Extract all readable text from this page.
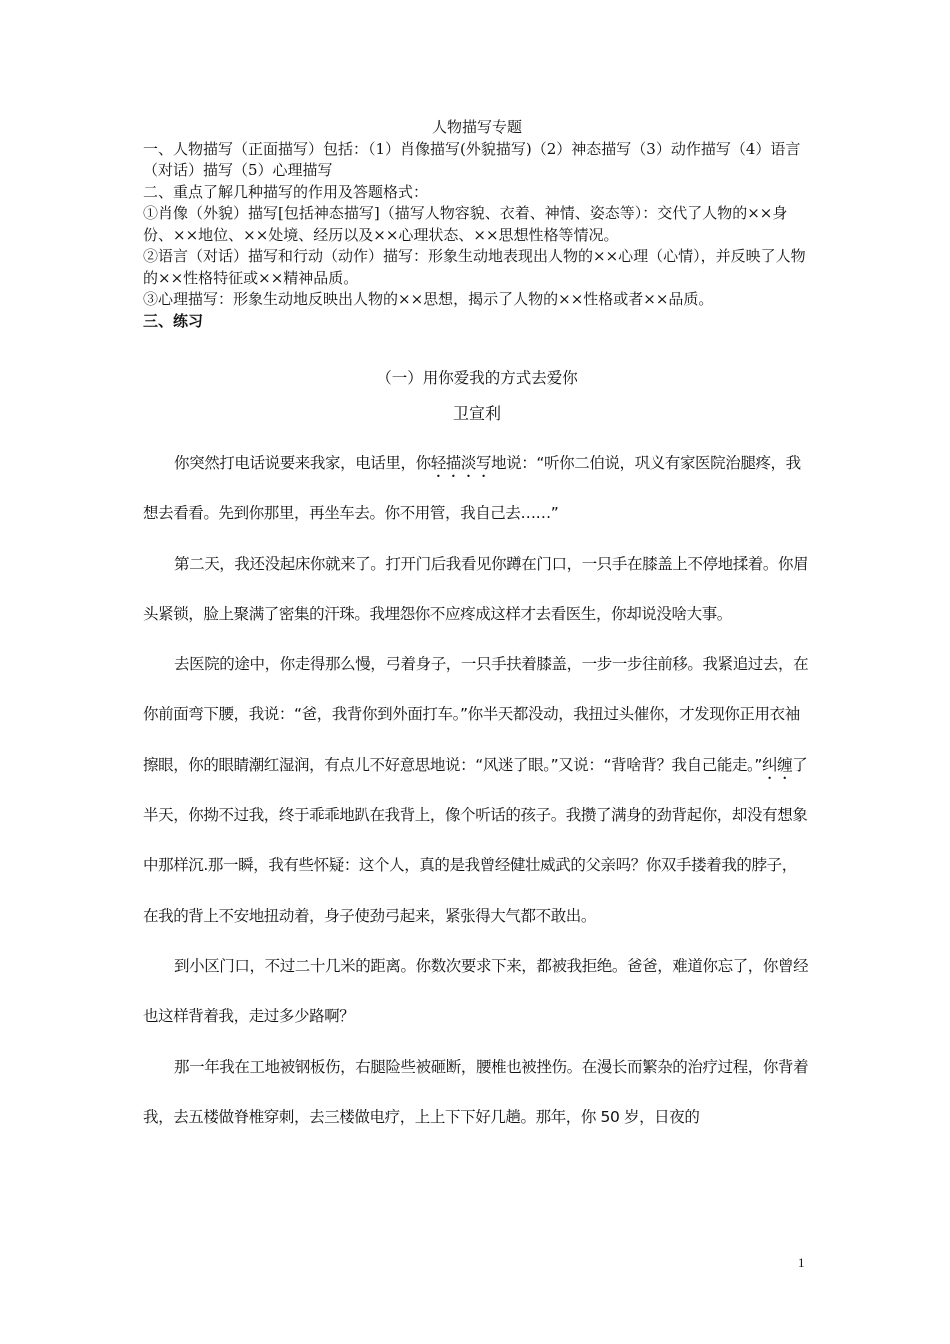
人物描写专题

一、人物描写（正面描写）包括：（1）肖像描写(外貌描写)（2）神态描写（3）动作描写（4）语言（对话）描写（5）心理描写

二、重点了解几种描写的作用及答题格式：

①肖像（外貌）描写[包括神态描写]（描写人物容貌、衣着、神情、姿态等）：交代了人物的××身份、××地位、××处境、经历以及××心理状态、××思想性格等情况。

②语言（对话）描写和行动（动作）描写：形象生动地表现出人物的××心理（心情），并反映了人物的××性格特征或××精神品质。

③心理描写：形象生动地反映出人物的××思想，揭示了人物的××性格或者××品质。

三、练习

（一）用你爱我的方式去爱你

卫宣利

你突然打电话说要来我家，电话里，你轻描淡写地说：“听你二伯说，巩义有家医院治腿疼，我想去看看。先到你那里，再坐车去。你不用管，我自己去……”

第二天，我还没起床你就来了。打开门后我看见你蹲在门口，一只手在膝盖上不停地揉着。你眉头紧锁，脸上聚满了密集的汗珠。我埋怨你不应疼成这样才去看医生，你却说没啥大事。

去医院的途中，你走得那么慢，弓着身子，一只手扶着膝盖，一步一步往前移。我紧追过去，在你前面弯下腰，我说：“爸，我背你到外面打车。”你半天都没动，我扭过头催你，才发现你正用衣袖擦眼，你的眼睛潮红湿润，有点儿不好意思地说：“风迷了眼。”又说：“背啥背？我自己能走。”纠缠了半天，你拗不过我，终于乖乖地趴在我背上，像个听话的孩子。我攒了满身的劲背起你，却没有想象中那样沉.那一瞬，我有些怀疑：这个人，真的是我曾经健壮威武的父亲吗？你双手搂着我的脖子，在我的背上不安地扭动着，身子使劲弓起来，紧张得大气都不敢出。

到小区门口，不过二十几米的距离。你数次要求下来，都被我拒绝。爸爸，难道你忘了，你曾经也这样背着我，走过多少路啊？

那一年我在工地被钢板伤，右腿险些被砸断，腰椎也被挫伤。在漫长而繁杂的治疗过程，你背着我，去五楼做脊椎穿刺，去三楼做电疗，上上下下好几趟。那年，你 50 岁，日夜的

1
